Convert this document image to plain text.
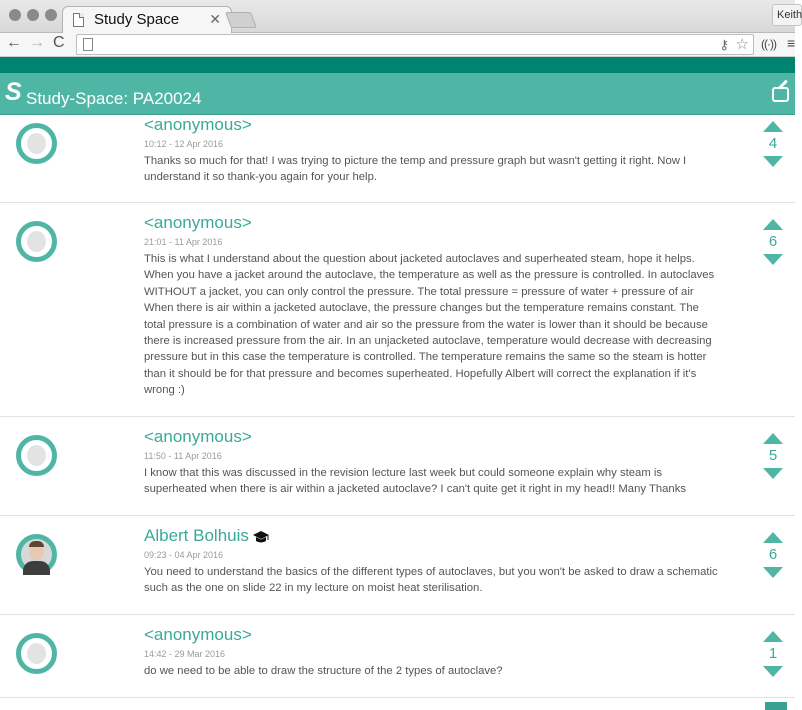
Study Space ✕	Keith
← → C	⚷ ☆ ((·)) ≡
S Study-Space: PA20024
<anonymous>
10:12 - 12 Apr 2016
Thanks so much for that! I was trying to picture the temp and pressure graph but wasn't getting it right. Now I understand it so thank-you again for your help.
4
<anonymous>
21:01 - 11 Apr 2016
This is what I understand about the question about jacketed autoclaves and superheated steam, hope it helps. When you have a jacket around the autoclave, the temperature as well as the pressure is controlled. In autoclaves WITHOUT a jacket, you can only control the pressure. The total pressure = pressure of water + pressure of air When there is air within a jacketed autoclave, the pressure changes but the temperature remains constant. The total pressure is a combination of water and air so the pressure from the water is lower than it should be because there is increased pressure from the air. In an unjacketed autoclave, temperature would decrease with decreasing pressure but in this case the temperature is controlled. The temperature remains the same so the steam is hotter than it should be for that pressure and becomes superheated. Hopefully Albert will correct the explanation if it's wrong :)
6
<anonymous>
11:50 - 11 Apr 2016
I know that this was discussed in the revision lecture last week but could someone explain why steam is superheated when there is air within a jacketed autoclave? I can't quite get it right in my head!! Many Thanks
5
Albert Bolhuis
09:23 - 04 Apr 2016
You need to understand the basics of the different types of autoclaves, but you won't be asked to draw a schematic such as the one on slide 22 in my lecture on moist heat sterilisation.
6
<anonymous>
14:42 - 29 Mar 2016
do we need to be able to draw the structure of the 2 types of autoclave?
1
